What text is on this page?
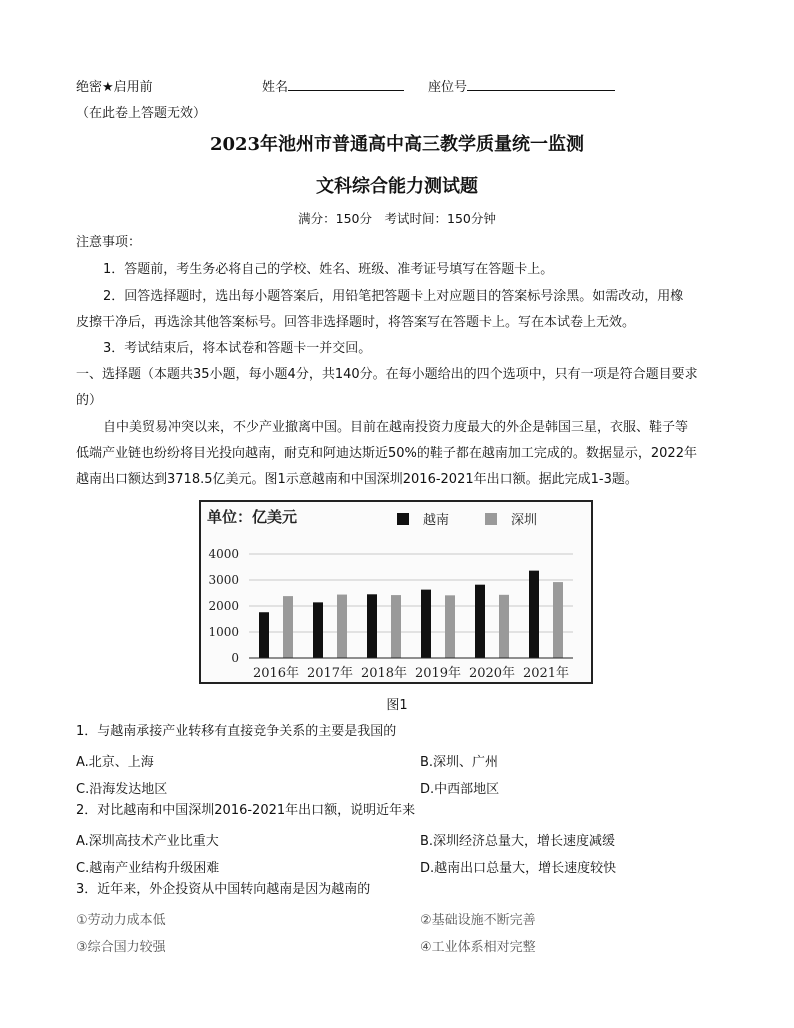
绝密★启用前	姓名	座位号
（在此卷上答题无效）
2023年池州市普通高中高三教学质量统一监测
文科综合能力测试题
满分：150分　考试时间：150分钟
注意事项：
1．答题前，考生务必将自己的学校、姓名、班级、准考证号填写在答题卡上。
2．回答选择题时，选出每小题答案后，用铅笔把答题卡上对应题目的答案标号涂黑。如需改动，用橡
皮擦干净后，再选涂其他答案标号。回答非选择题时，将答案写在答题卡上。写在本试卷上无效。
3．考试结束后，将本试卷和答题卡一并交回。
一、选择题（本题共35小题，每小题4分，共140分。在每小题给出的四个选项中，只有一项是符合题目要求
的）
自中美贸易冲突以来，不少产业撤离中国。目前在越南投资力度最大的外企是韩国三星，衣服、鞋子等
低端产业链也纷纷将目光投向越南，耐克和阿迪达斯近50%的鞋子都在越南加工完成的。数据显示，2022年
越南出口额达到3718.5亿美元。图1示意越南和中国深圳2016-2021年出口额。据此完成1-3题。
单位：亿美元	越南	深圳
4000
3000
2000
1000
0
2016年 2017年 2018年 2019年 2020年 2021年
图1
1．与越南承接产业转移有直接竞争关系的主要是我国的
A.北京、上海	B.深圳、广州
C.沿海发达地区	D.中西部地区
2．对比越南和中国深圳2016-2021年出口额，说明近年来
A.深圳高技术产业比重大	B.深圳经济总量大，增长速度减缓
C.越南产业结构升级困难	D.越南出口总量大，增长速度较快
3．近年来，外企投资从中国转向越南是因为越南的
①劳动力成本低	②基础设施不断完善
③综合国力较强	④工业体系相对完整
